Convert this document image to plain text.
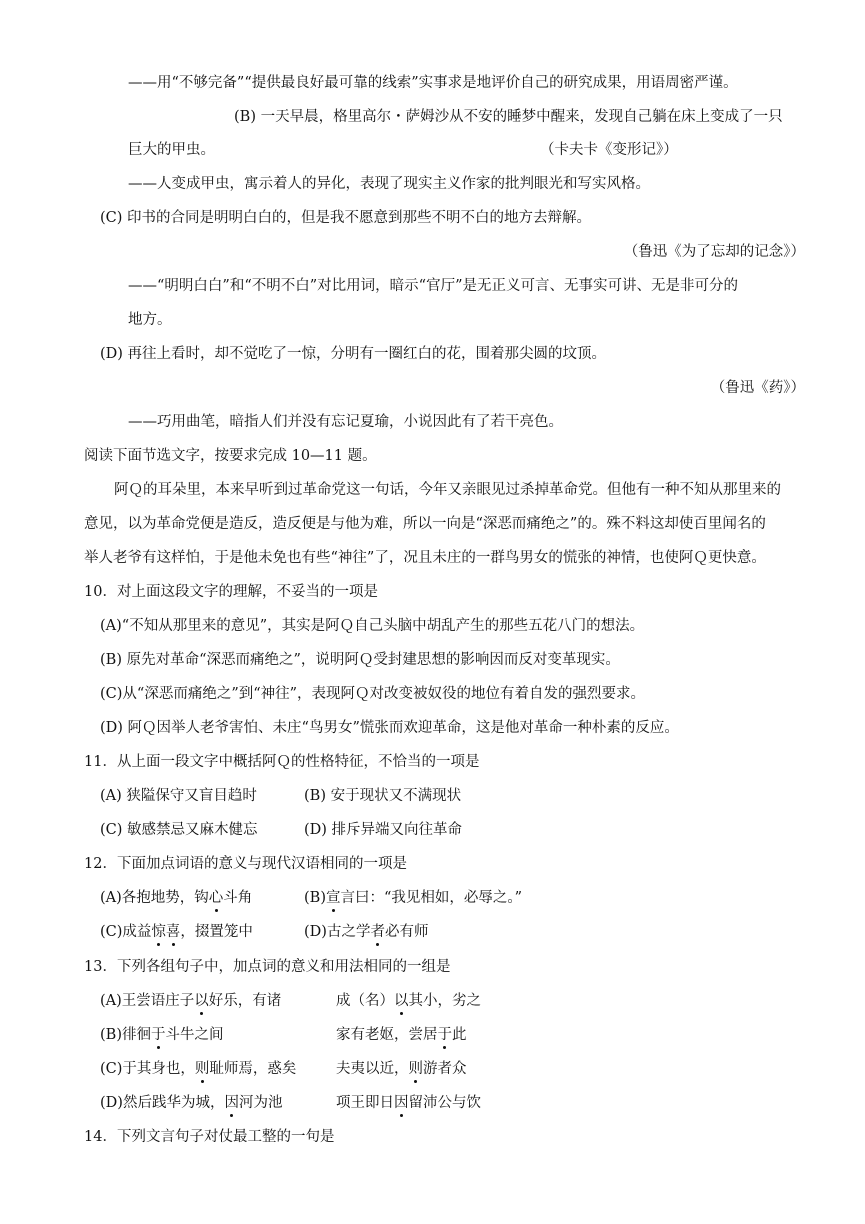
——用“不够完备”“提供最良好最可靠的线索”实事求是地评价自己的研究成果，用语周密严谨。
(B) 一天早晨，格里高尔・萨姆沙从不安的睡梦中醒来，发现自己躺在床上变成了一只
巨大的甲虫。	（卡夫卡《变形记》）
——人变成甲虫，寓示着人的异化，表现了现实主义作家的批判眼光和写实风格。
(C) 印书的合同是明明白白的，但是我不愿意到那些不明不白的地方去辩解。
（鲁迅《为了忘却的记念》）
——“明明白白”和“不明不白”对比用词，暗示“官厅”是无正义可言、无事实可讲、无是非可分的
地方。
(D) 再往上看时，却不觉吃了一惊，分明有一圈红白的花，围着那尖圆的坟顶。
（鲁迅《药》）
——巧用曲笔，暗指人们并没有忘记夏瑜，小说因此有了若干亮色。
阅读下面节选文字，按要求完成 10—11 题。
阿Ｑ的耳朵里，本来早听到过革命党这一句话，今年又亲眼见过杀掉革命党。但他有一种不知从那里来的
意见，以为革命党便是造反，造反便是与他为难，所以一向是“深恶而痛绝之”的。殊不料这却使百里闻名的
举人老爷有这样怕，于是他未免也有些“神往”了，况且未庄的一群鸟男女的慌张的神情，也使阿Ｑ更快意。
10．对上面这段文字的理解，不妥当的一项是
(A)“不知从那里来的意见”，其实是阿Ｑ自己头脑中胡乱产生的那些五花八门的想法。
(B) 原先对革命“深恶而痛绝之”，说明阿Ｑ受封建思想的影响因而反对变革现实。
(C)从“深恶而痛绝之”到“神往”，表现阿Ｑ对改变被奴役的地位有着自发的强烈要求。
(D) 阿Ｑ因举人老爷害怕、未庄“鸟男女”慌张而欢迎革命，这是他对革命一种朴素的反应。
11．从上面一段文字中概括阿Ｑ的性格特征，不恰当的一项是
(A) 狭隘保守又盲目趋时	(B) 安于现状又不满现状
(C) 敏感禁忌又麻木健忘	(D) 排斥异端又向往革命
12．下面加点词语的意义与现代汉语相同的一项是
(A)各抱地势，钩心斗角	(B)宣言曰：“我见相如，必辱之。”
(C)成益惊喜，掇置笼中	(D)古之学者必有师
13．下列各组句子中，加点词的意义和用法相同的一组是
(A)王尝语庄子以好乐，有诸	成（名）以其小，劣之
(B)徘徊于斗牛之间	家有老妪，尝居于此
(C)于其身也，则耻师焉，惑矣	夫夷以近，则游者众
(D)然后践华为城，因河为池	项王即日因留沛公与饮
14．下列文言句子对仗最工整的一句是
